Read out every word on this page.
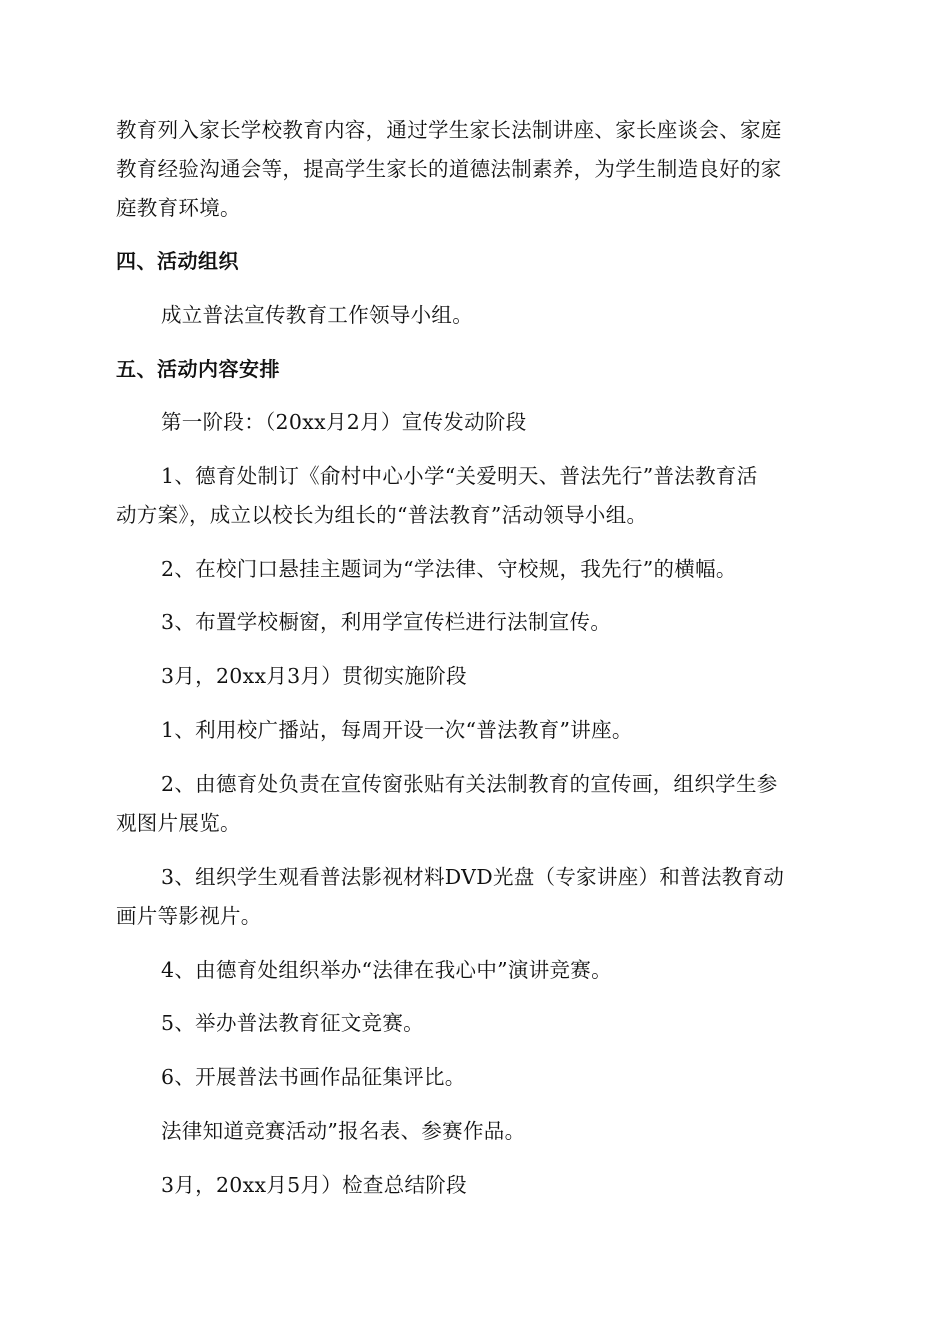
教育列入家长学校教育内容，通过学生家长法制讲座、家长座谈会、家庭
教育经验沟通会等，提高学生家长的道德法制素养，为学生制造良好的家
庭教育环境。
四、活动组织
成立普法宣传教育工作领导小组。
五、活动内容安排
第一阶段：（20xx月2月）宣传发动阶段
1、德育处制订《俞村中心小学“关爱明天、普法先行”普法教育活
动方案》，成立以校长为组长的“普法教育”活动领导小组。
2、在校门口悬挂主题词为“学法律、守校规，我先行”的横幅。
3、布置学校橱窗，利用学宣传栏进行法制宣传。
3月，20xx月3月）贯彻实施阶段
1、利用校广播站，每周开设一次“普法教育”讲座。
2、由德育处负责在宣传窗张贴有关法制教育的宣传画，组织学生参
观图片展览。
3、组织学生观看普法影视材料DVD光盘（专家讲座）和普法教育动
画片等影视片。
4、由德育处组织举办“法律在我心中”演讲竞赛。
5、举办普法教育征文竞赛。
6、开展普法书画作品征集评比。
法律知道竞赛活动”报名表、参赛作品。
3月，20xx月5月）检查总结阶段
